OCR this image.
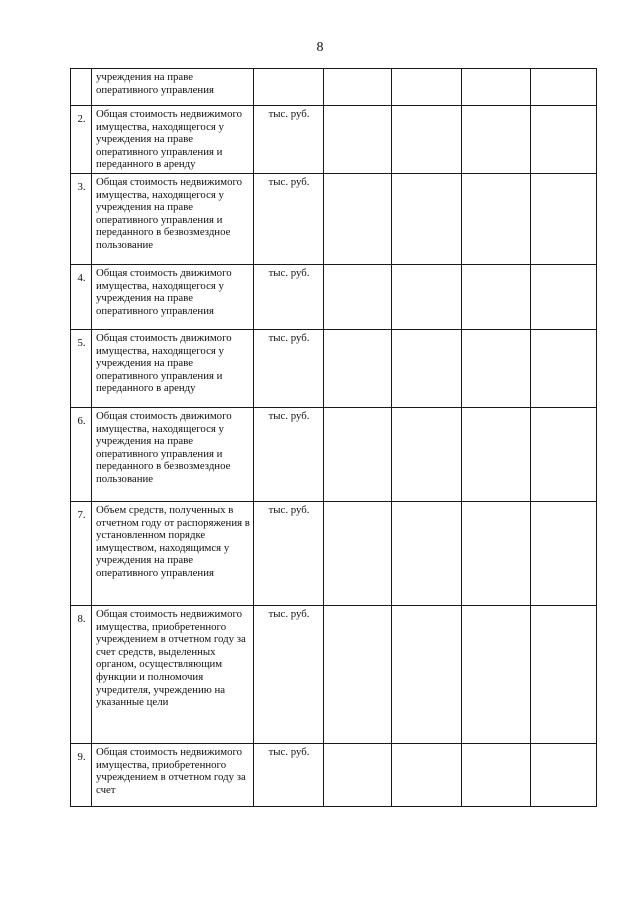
8
	учреждения на праве оперативного управления					
2.	Общая стоимость недвижимого имущества, находящегося у учреждения на праве оперативного управления и переданного в аренду	тыс. руб.				
3.	Общая стоимость недвижимого имущества, находящегося у учреждения на праве оперативного управления и переданного в безвозмездное пользование	тыс. руб.				
4.	Общая стоимость движимого имущества, находящегося у учреждения на праве оперативного управления	тыс. руб.				
5.	Общая стоимость движимого имущества, находящегося у учреждения на праве оперативного управления и переданного в аренду	тыс. руб.				
6.	Общая стоимость движимого имущества, находящегося у учреждения на праве оперативного управления и переданного в безвозмездное пользование	тыс. руб.				
7.	Объем средств, полученных в отчетном году от распоряжения в установленном порядке имуществом, находящимся у учреждения на праве оперативного управления	тыс. руб.				
8.	Общая стоимость недвижимого имущества, приобретенного учреждением в отчетном году за счет средств, выделенных органом, осуществляющим функции и полномочия учредителя, учреждению на указанные цели	тыс. руб.				
9.	Общая стоимость недвижимого имущества, приобретенного учреждением в отчетном году за счет	тыс. руб.				
